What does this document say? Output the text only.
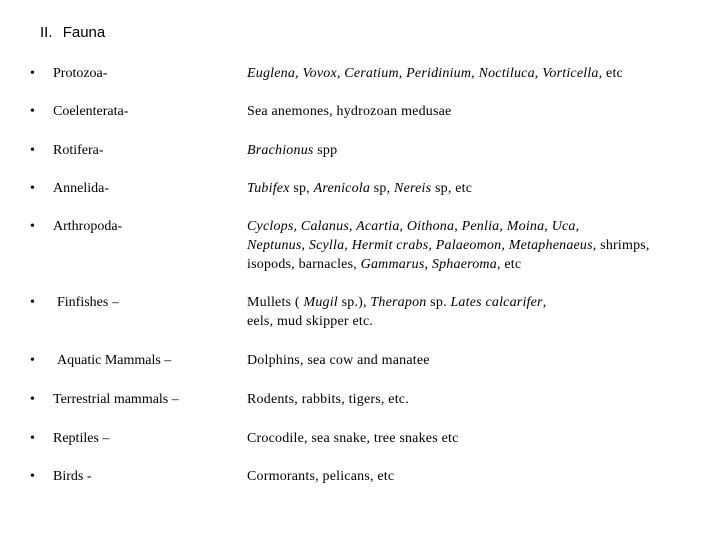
II. Fauna
• Protozoa-	Euglena, Vovox, Ceratium, Peridinium, Noctiluca, Vorticella, etc
• Coelenterata-	Sea anemones, hydrozoan medusae
• Rotifera-	Brachionus spp
• Annelida-	Tubifex sp, Arenicola sp, Nereis sp, etc
• Arthropoda-	Cyclops, Calanus, Acartia, Oithona, Penlia, Moina, Uca,
Neptunus, Scylla, Hermit crabs, Palaeomon, Metaphenaeus, shrimps,
isopods, barnacles, Gammarus, Sphaeroma, etc
• Finfishes –	Mullets ( Mugil sp.), Therapon sp. Lates calcarifer,
eels, mud skipper etc.
• Aquatic Mammals –	Dolphins, sea cow and manatee
• Terrestrial mammals –	Rodents, rabbits, tigers, etc.
• Reptiles –	Crocodile, sea snake, tree snakes etc
• Birds -	Cormorants, pelicans, etc
